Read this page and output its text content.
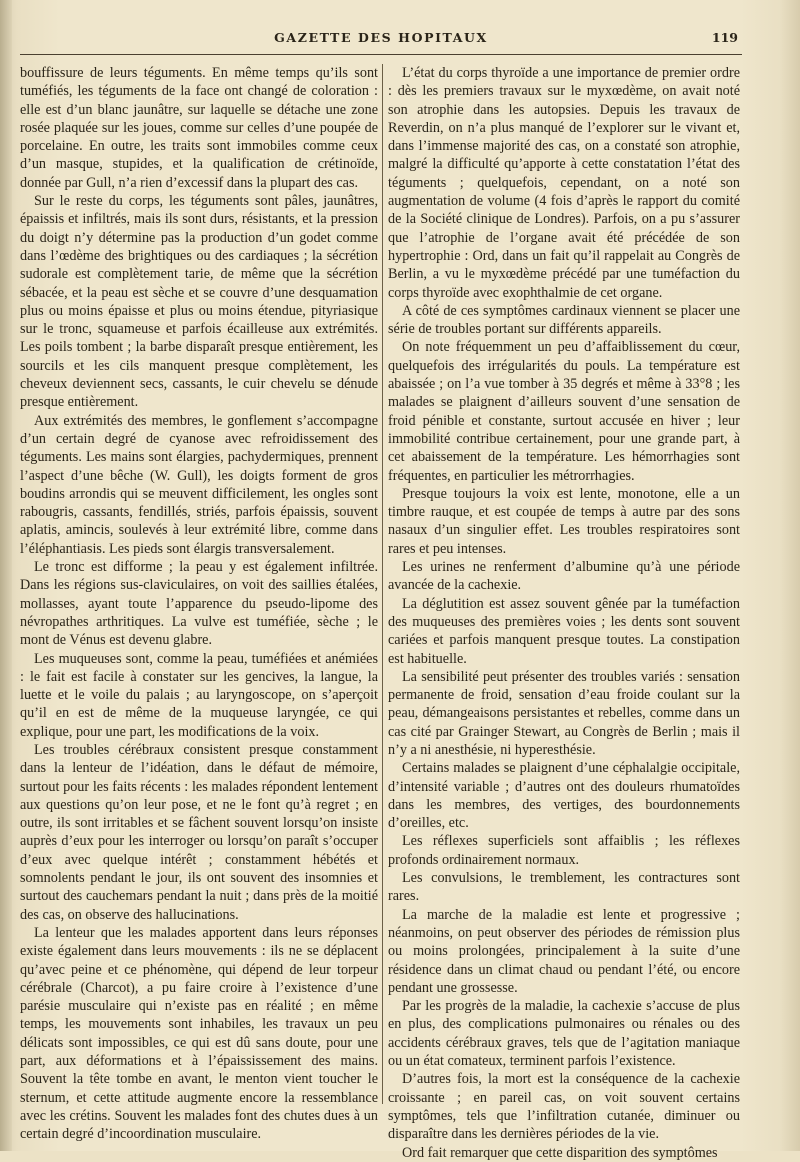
GAZETTE DES HOPITAUX	119

bouffissure de leurs téguments. En même temps qu’ils sont tuméfiés, les téguments de la face ont changé de coloration : elle est d’un blanc jaunâtre, sur laquelle se détache une zone rosée plaquée sur les joues, comme sur celles d’une poupée de porcelaine. En outre, les traits sont immobiles comme ceux d’un masque, stupides, et la qualification de crétinoïde, donnée par Gull, n’a rien d’excessif dans la plupart des cas.

Sur le reste du corps, les téguments sont pâles, jaunâtres, épaissis et infiltrés, mais ils sont durs, résistants, et la pression du doigt n’y détermine pas la production d’un godet comme dans l’œdème des brightiques ou des cardiaques ; la sécrétion sudorale est complètement tarie, de même que la sécrétion sébacée, et la peau est sèche et se couvre d’une desquamation plus ou moins épaisse et plus ou moins étendue, pityriasique sur le tronc, squameuse et parfois écailleuse aux extrémités. Les poils tombent ; la barbe disparaît presque entièrement, les sourcils et les cils manquent presque complètement, les cheveux deviennent secs, cassants, le cuir chevelu se dénude presque entièrement.

Aux extrémités des membres, le gonflement s’accompagne d’un certain degré de cyanose avec refroidissement des téguments. Les mains sont élargies, pachydermiques, prennent l’aspect d’une bêche (W. Gull), les doigts forment de gros boudins arrondis qui se meuvent difficilement, les ongles sont rabougris, cassants, fendillés, striés, parfois épaissis, souvent aplatis, amincis, soulevés à leur extrémité libre, comme dans l’éléphantiasis. Les pieds sont élargis transversalement.

Le tronc est difforme ; la peau y est également infiltrée. Dans les régions sus-claviculaires, on voit des saillies étalées, mollasses, ayant toute l’apparence du pseudo-lipome des névropathes arthritiques. La vulve est tuméfiée, sèche ; le mont de Vénus est devenu glabre.

Les muqueuses sont, comme la peau, tuméfiées et anémiées : le fait est facile à constater sur les gencives, la langue, la luette et le voile du palais ; au laryngoscope, on s’aperçoit qu’il en est de même de la muqueuse laryngée, ce qui explique, pour une part, les modifications de la voix.

Les troubles cérébraux consistent presque constamment dans la lenteur de l’idéation, dans le défaut de mémoire, surtout pour les faits récents : les malades répondent lentement aux questions qu’on leur pose, et ne le font qu’à regret ; en outre, ils sont irritables et se fâchent souvent lorsqu’on insiste auprès d’eux pour les interroger ou lorsqu’on paraît s’occuper d’eux avec quelque intérêt ; constamment hébétés et somnolents pendant le jour, ils ont souvent des insomnies et surtout des cauchemars pendant la nuit ; dans près de la moitié des cas, on observe des hallucinations.

La lenteur que les malades apportent dans leurs réponses existe également dans leurs mouvements : ils ne se déplacent qu’avec peine et ce phénomène, qui dépend de leur torpeur cérébrale (Charcot), a pu faire croire à l’existence d’une parésie musculaire qui n’existe pas en réalité ; en même temps, les mouvements sont inhabiles, les travaux un peu délicats sont impossibles, ce qui est dû sans doute, pour une part, aux déformations et à l’épaississement des mains. Souvent la tête tombe en avant, le menton vient toucher le sternum, et cette attitude augmente encore la ressemblance avec les crétins. Souvent les malades font des chutes dues à un certain degré d’incoordination musculaire.

L’état du corps thyroïde a une importance de premier ordre : dès les premiers travaux sur le myxœdème, on avait noté son atrophie dans les autopsies. Depuis les travaux de Reverdin, on n’a plus manqué de l’explorer sur le vivant et, dans l’immense majorité des cas, on a constaté son atrophie, malgré la difficulté qu’apporte à cette constatation l’état des téguments ; quelquefois, cependant, on a noté son augmentation de volume (4 fois d’après le rapport du comité de la Société clinique de Londres). Parfois, on a pu s’assurer que l’atrophie de l’organe avait été précédée de son hypertrophie : Ord, dans un fait qu’il rappelait au Congrès de Berlin, a vu le myxœdème précédé par une tuméfaction du corps thyroïde avec exophthalmie de cet organe.

A côté de ces symptômes cardinaux viennent se placer une série de troubles portant sur différents appareils.

On note fréquemment un peu d’affaiblissement du cœur, quelquefois des irrégularités du pouls. La température est abaissée ; on l’a vue tomber à 35 degrés et même à 33°8 ; les malades se plaignent d’ailleurs souvent d’une sensation de froid pénible et constante, surtout accusée en hiver ; leur immobilité contribue certainement, pour une grande part, à cet abaissement de la température. Les hémorrhagies sont fréquentes, en particulier les métrorrhagies.

Presque toujours la voix est lente, monotone, elle a un timbre rauque, et est coupée de temps à autre par des sons nasaux d’un singulier effet. Les troubles respiratoires sont rares et peu intenses.

Les urines ne renferment d’albumine qu’à une période avancée de la cachexie.

La déglutition est assez souvent gênée par la tuméfaction des muqueuses des premières voies ; les dents sont souvent cariées et parfois manquent presque toutes. La constipation est habituelle.

La sensibilité peut présenter des troubles variés : sensation permanente de froid, sensation d’eau froide coulant sur la peau, démangeaisons persistantes et rebelles, comme dans un cas cité par Grainger Stewart, au Congrès de Berlin ; mais il n’y a ni anesthésie, ni hyperesthésie.

Certains malades se plaignent d’une céphalalgie occipitale, d’intensité variable ; d’autres ont des douleurs rhumatoïdes dans les membres, des vertiges, des bourdonnements d’oreilles, etc.

Les réflexes superficiels sont affaiblis ; les réflexes profonds ordinairement normaux.

Les convulsions, le tremblement, les contractures sont rares.

La marche de la maladie est lente et progressive ; néanmoins, on peut observer des périodes de rémission plus ou moins prolongées, principalement à la suite d’une résidence dans un climat chaud ou pendant l’été, ou encore pendant une grossesse.

Par les progrès de la maladie, la cachexie s’accuse de plus en plus, des complications pulmonaires ou rénales ou des accidents cérébraux graves, tels que de l’agitation maniaque ou un état comateux, terminent parfois l’existence.

D’autres fois, la mort est la conséquence de la cachexie croissante ; en pareil cas, on voit souvent certains symptômes, tels que l’infiltration cutanée, diminuer ou disparaître dans les dernières périodes de la vie.

Ord fait remarquer que cette disparition des symptômes
